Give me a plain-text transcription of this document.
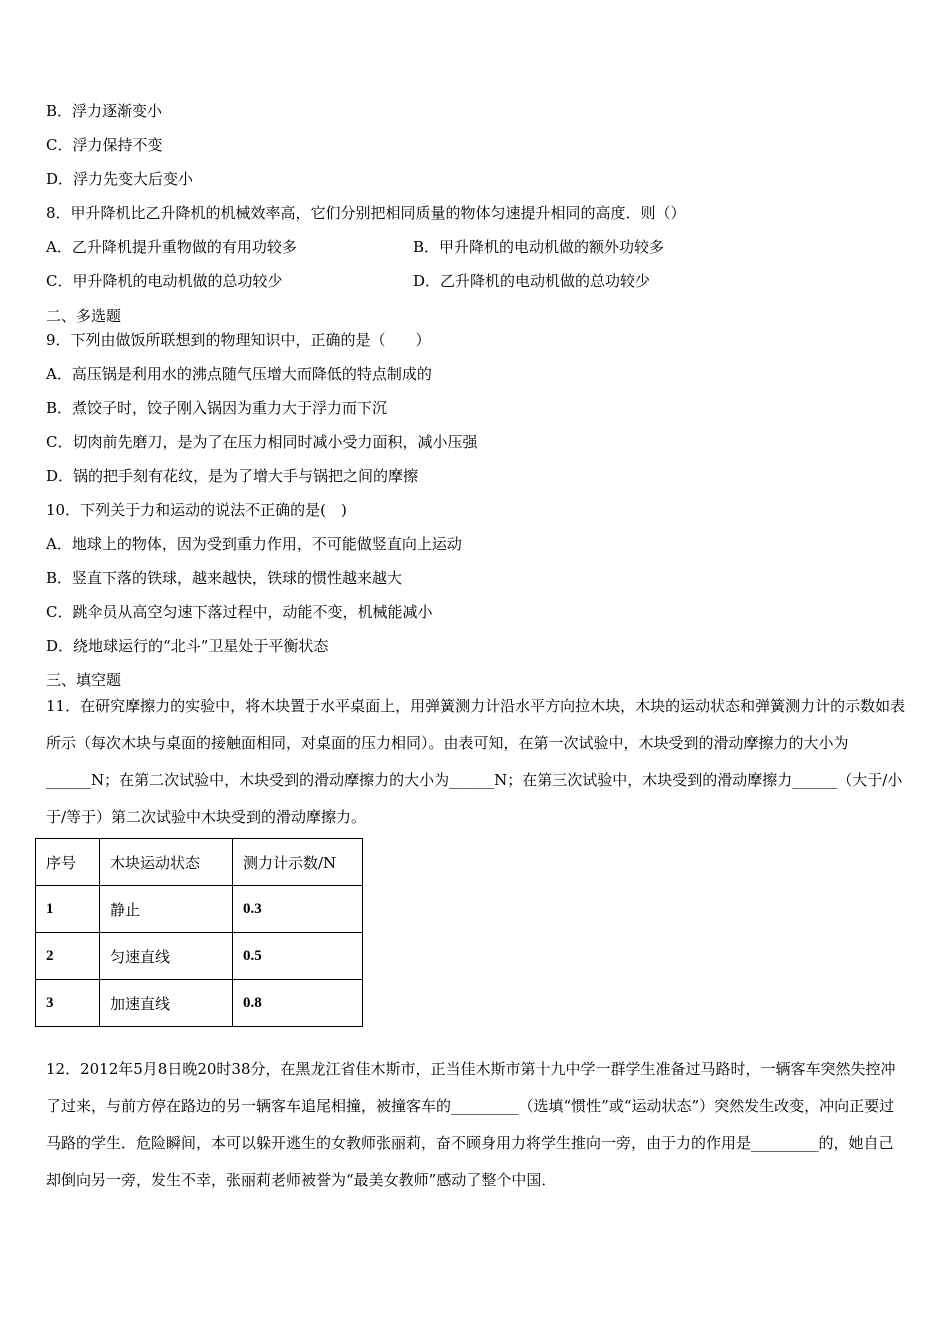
B．浮力逐渐变小
C．浮力保持不变
D．浮力先变大后变小
8．甲升降机比乙升降机的机械效率高，它们分别把相同质量的物体匀速提升相同的高度．则（）
A．乙升降机提升重物做的有用功较多	B．甲升降机的电动机做的额外功较多
C．甲升降机的电动机做的总功较少	D．乙升降机的电动机做的总功较少
二、多选题
9．下列由做饭所联想到的物理知识中，正确的是（　　）
A．高压锅是利用水的沸点随气压增大而降低的特点制成的
B．煮饺子时，饺子刚入锅因为重力大于浮力而下沉
C．切肉前先磨刀，是为了在压力相同时减小受力面积，减小压强
D．锅的把手刻有花纹，是为了增大手与锅把之间的摩擦
10．下列关于力和运动的说法不正确的是(　)
A．地球上的物体，因为受到重力作用，不可能做竖直向上运动
B．竖直下落的铁球，越来越快，铁球的惯性越来越大
C．跳伞员从高空匀速下落过程中，动能不变，机械能减小
D．绕地球运行的“北斗”卫星处于平衡状态
三、填空题
11．在研究摩擦力的实验中，将木块置于水平桌面上，用弹簧测力计沿水平方向拉木块，木块的运动状态和弹簧测力计的示数如表所示（每次木块与桌面的接触面相同，对桌面的压力相同）。由表可知，在第一次试验中，木块受到的滑动摩擦力的大小为______N；在第二次试验中，木块受到的滑动摩擦力的大小为______N；在第三次试验中，木块受到的滑动摩擦力______（大于/小于/等于）第二次试验中木块受到的滑动摩擦力。
序号	木块运动状态	测力计示数/N
1	静止	0.3
2	匀速直线	0.5
3	加速直线	0.8
12．2012年5月8日晚20时38分，在黑龙江省佳木斯市，正当佳木斯市第十九中学一群学生准备过马路时，一辆客车突然失控冲了过来，与前方停在路边的另一辆客车追尾相撞，被撞客车的_________（选填“惯性”或“运动状态”）突然发生改变，冲向正要过马路的学生．危险瞬间，本可以躲开逃生的女教师张丽莉，奋不顾身用力将学生推向一旁，由于力的作用是_________的，她自己却倒向另一旁，发生不幸，张丽莉老师被誉为“最美女教师”感动了整个中国．
